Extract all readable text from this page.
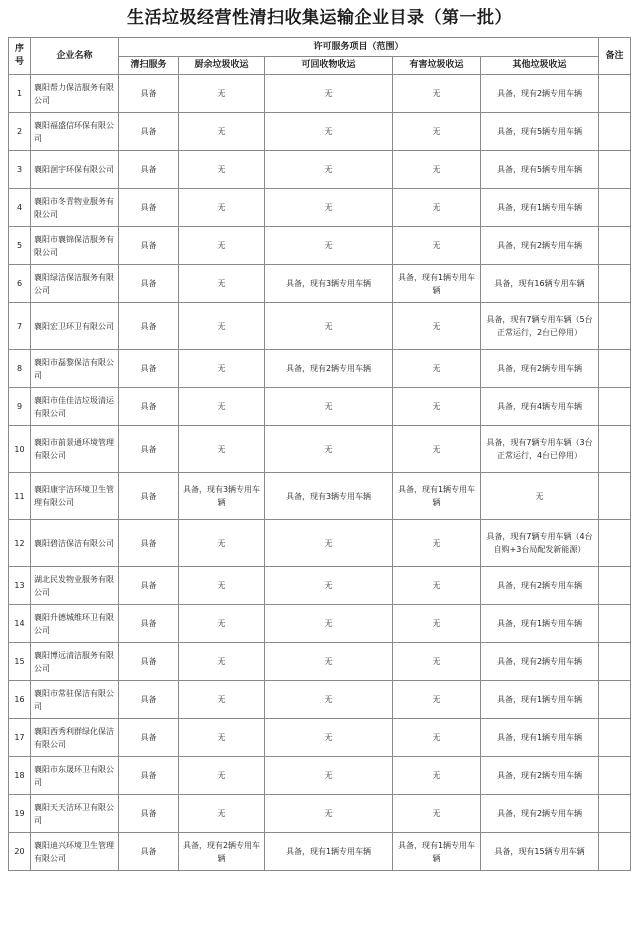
生活垃圾经营性清扫收集运输企业目录（第一批）
序号	企业名称	许可服务项目（范围）					备注
		清扫服务	厨余垃圾收运	可回收物收运	有害垃圾收运	其他垃圾收运	
1	襄阳帮力保洁服务有限公司	具备	无	无	无	具备，现有2辆专用车辆	
2	襄阳福盛信环保有限公司	具备	无	无	无	具备，现有5辆专用车辆	
3	襄阳洄宇环保有限公司	具备	无	无	无	具备，现有5辆专用车辆	
4	襄阳市冬青物业服务有限公司	具备	无	无	无	具备，现有1辆专用车辆	
5	襄阳市襄锦保洁服务有限公司	具备	无	无	无	具备，现有2辆专用车辆	
6	襄阳绿洁保洁服务有限公司	具备	无	具备，现有3辆专用车辆	具备，现有1辆专用车辆	具备，现有16辆专用车辆	
7	襄阳宏卫环卫有限公司	具备	无	无	无	具备，现有7辆专用车辆（5台正常运行，2台已停用）	
8	襄阳市磊黎保洁有限公司	具备	无	具备，现有2辆专用车辆	无	具备，现有2辆专用车辆	
9	襄阳市佳佳洁垃圾清运有限公司	具备	无	无	无	具备，现有4辆专用车辆	
10	襄阳市前景通环境管理有限公司	具备	无	无	无	具备，现有7辆专用车辆（3台正常运行，4台已停用）	
11	襄阳康宇洁环境卫生管理有限公司	具备	具备，现有3辆专用车辆	具备，现有3辆专用车辆	具备，现有1辆专用车辆	无	
12	襄阳碧洁保洁有限公司	具备	无	无	无	具备，现有7辆专用车辆（4台自购+3台局配发新能源）	
13	湖北民发物业服务有限公司	具备	无	无	无	具备，现有2辆专用车辆	
14	襄阳升德城维环卫有限公司	具备	无	无	无	具备，现有1辆专用车辆	
15	襄阳博远清洁服务有限公司	具备	无	无	无	具备，现有2辆专用车辆	
16	襄阳市常驻保洁有限公司	具备	无	无	无	具备，现有1辆专用车辆	
17	襄阳西秀利群绿化保洁有限公司	具备	无	无	无	具备，现有1辆专用车辆	
18	襄阳市东晟环卫有限公司	具备	无	无	无	具备，现有2辆专用车辆	
19	襄阳天天洁环卫有限公司	具备	无	无	无	具备，现有2辆专用车辆	
20	襄阳迪兴环境卫生管理有限公司	具备	具备，现有2辆专用车辆	具备，现有1辆专用车辆	具备，现有1辆专用车辆	具备，现有15辆专用车辆	
